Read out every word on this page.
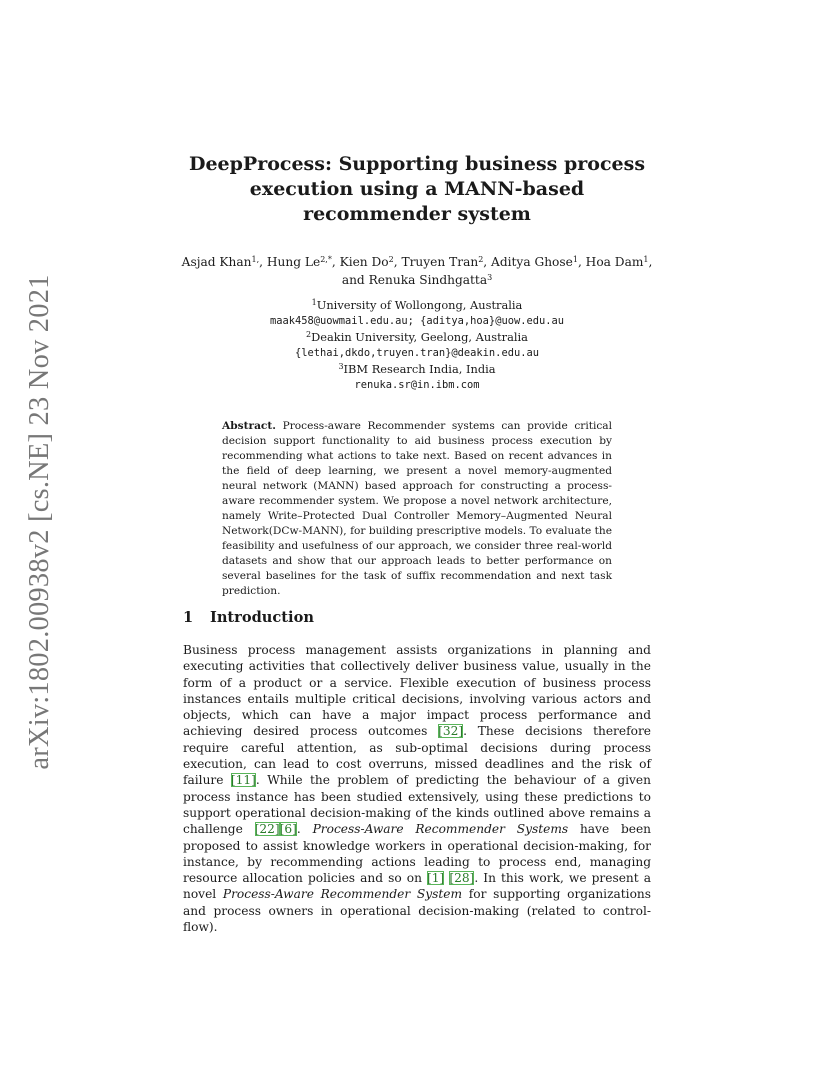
arXiv:1802.00938v2 [cs.NE] 23 Nov 2021
DeepProcess: Supporting business process execution using a MANN-based recommender system
Asjad Khan$^{1,}$, Hung $Le^{2,*}$, Kien Do$^2$, Truyen Tran$^2$, Aditya Ghose$^1$, Hoa Dam$^1$,
and Renuka Sindhgatta$^3$
$^1$University of Wollongong, Australia
maak458@uowmail.edu.au; {aditya,hoa}@uow.edu.au
$^2$Deakin University, Geelong, Australia
{lethai,dkdo,truyen.tran}@deakin.edu.au
$^3$IBM Research India, India
renuka.sr@in.ibm.com
Abstract. Process-aware Recommender systems can provide critical decision support functionality to aid business process execution by recommending what actions to take next. Based on recent advances in the field of deep learning, we present a novel memory-augmented neural network (MANN) based approach for constructing a process-aware recommender system. We propose a novel network architecture, namely Write–Protected Dual Controller Memory–Augmented Neural Network(DCw-MANN), for building prescriptive models. To evaluate the feasibility and usefulness of our approach, we consider three real-world datasets and show that our approach leads to better performance on several baselines for the task of suffix recommendation and next task prediction.
1 Introduction
Business process management assists organizations in planning and executing activities that collectively deliver business value, usually in the form of a product or a service. Flexible execution of business process instances entails multiple critical decisions, involving various actors and objects, which can have a major impact process performance and achieving desired process outcomes [32]. These decisions therefore require careful attention, as sub-optimal decisions during process execution, can lead to cost overruns, missed deadlines and the risk of failure [11]. While the problem of predicting the behaviour of a given process instance has been studied extensively, using these predictions to support operational decision-making of the kinds outlined above remains a challenge [22][6]. Process-Aware Recommender Systems have been proposed to assist knowledge workers in operational decision-making, for instance, by recommending actions leading to process end, managing resource allocation policies and so on [1] [28]. In this work, we present a novel Process-Aware Recommender System for supporting organizations and process owners in operational decision-making (related to control-flow).
